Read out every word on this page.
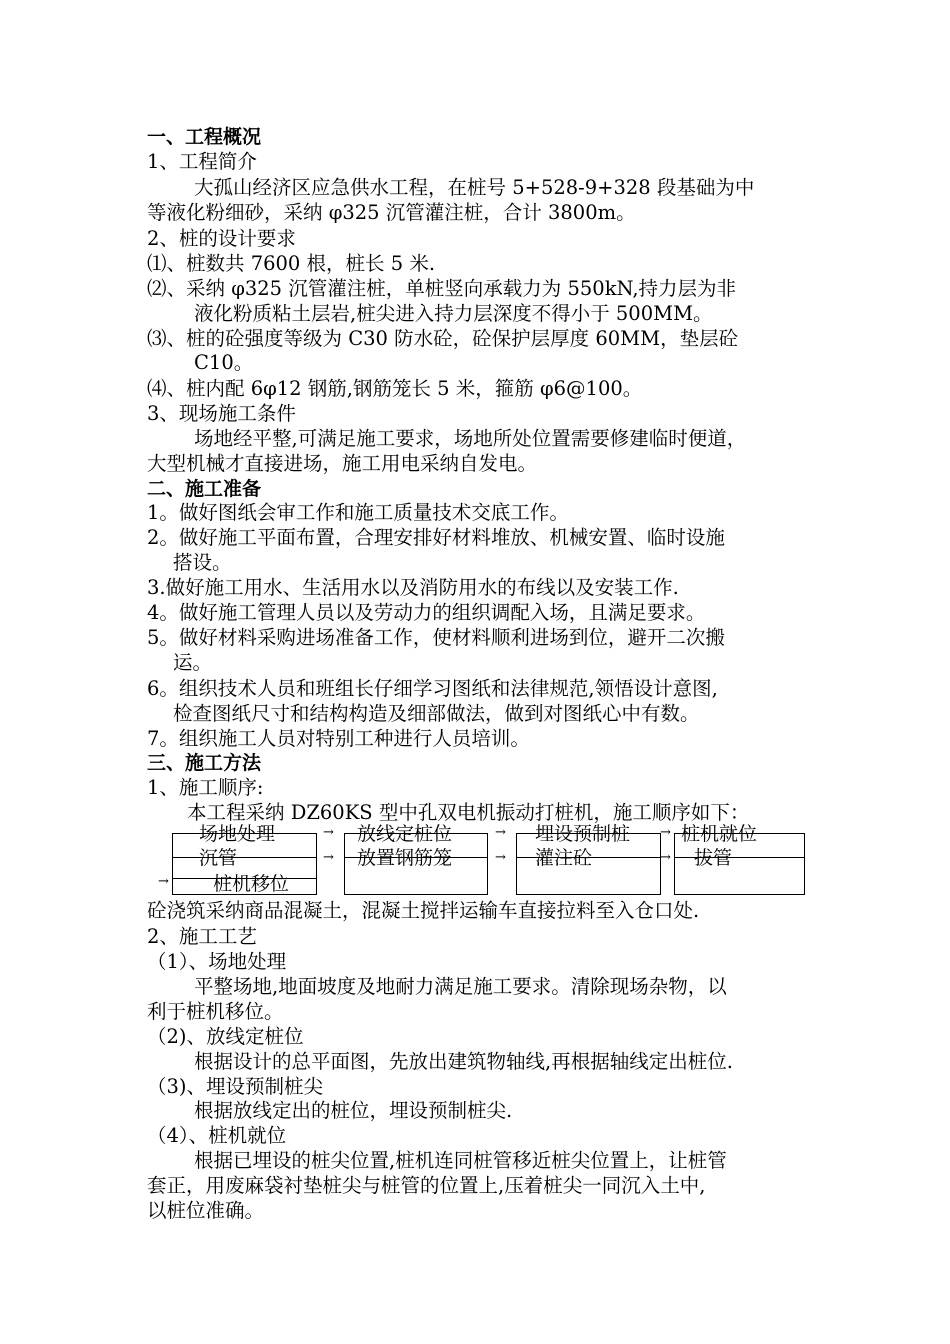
一、工程概况
1、工程简介
大孤山经济区应急供水工程，在桩号 5+528-9+328 段基础为中
等液化粉细砂，采纳 φ325 沉管灌注桩，合计 3800m。
2、桩的设计要求
⑴、桩数共 7600 根，桩长 5 米.
⑵、采纳 φ325 沉管灌注桩，单桩竖向承载力为 550kN,持力层为非
液化粉质粘土层岩,桩尖进入持力层深度不得小于 500MM。
⑶、桩的砼强度等级为 C30 防水砼，砼保护层厚度 60MM，垫层砼
C10。
⑷、桩内配 6φ12 钢筋,钢筋笼长 5 米，箍筋 φ6@100。
3、现场施工条件
场地经平整,可满足施工要求，场地所处位置需要修建临时便道，
大型机械才直接进场，施工用电采纳自发电。
二、施工准备
1。做好图纸会审工作和施工质量技术交底工作。
2。做好施工平面布置，合理安排好材料堆放、机械安置、临时设施
搭设。
3.做好施工用水、生活用水以及消防用水的布线以及安装工作.
4。做好施工管理人员以及劳动力的组织调配入场，且满足要求。
5。做好材料采购进场准备工作，使材料顺利进场到位，避开二次搬
运。
6。组织技术人员和班组长仔细学习图纸和法律规范,领悟设计意图,
检查图纸尺寸和结构构造及细部做法，做到对图纸心中有数。
7。组织施工人员对特别工种进行人员培训。
三、施工方法
1、施工顺序:
本工程采纳 DZ60KS 型中孔双电机振动打桩机，施工顺序如下：
场地处理
沉管
桩机移位
放线定桩位
放置钢筋笼
埋设预制桩
灌注砼
桩机就位
拔管
→	→	→
→	→	→
→
砼浇筑采纳商品混凝土，混凝土搅拌运输车直接拉料至入仓口处.
2、施工工艺
（1）、场地处理
平整场地,地面坡度及地耐力满足施工要求。清除现场杂物，以
利于桩机移位。
（2)、放线定桩位
根据设计的总平面图，先放出建筑物轴线,再根据轴线定出桩位.
（3)、埋设预制桩尖
根据放线定出的桩位，埋设预制桩尖.
（4）、桩机就位
根据已埋设的桩尖位置,桩机连同桩管移近桩尖位置上，让桩管
套正，用废麻袋衬垫桩尖与桩管的位置上,压着桩尖一同沉入土中,
以桩位准确。
